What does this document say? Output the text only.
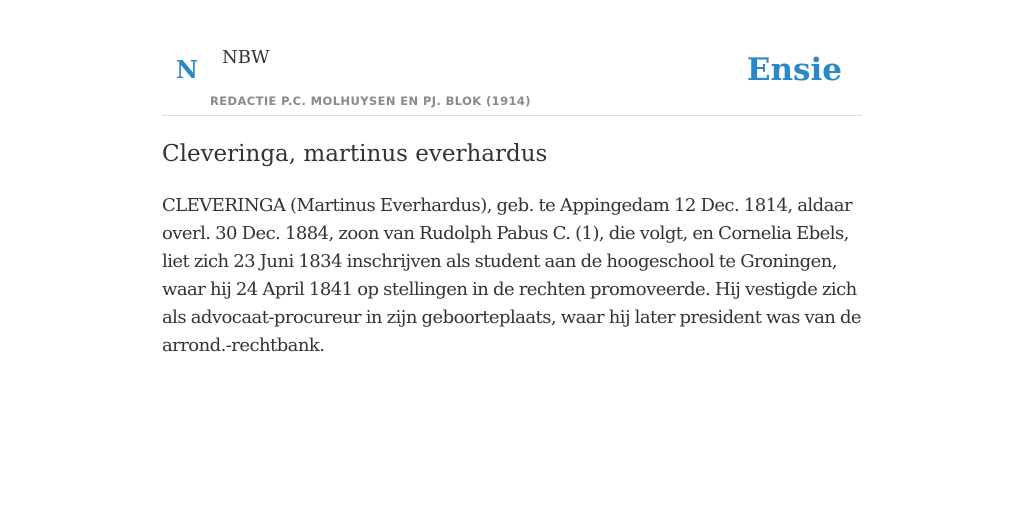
N NBW
REDACTIE P.C. MOLHUYSEN EN PJ. BLOK (1914)
Ensie
Cleveringa, martinus everhardus

CLEVERINGA (Martinus Everhardus), geb. te Appingedam 12 Dec. 1814, aldaar overl. 30 Dec. 1884, zoon van Rudolph Pabus C. (1), die volgt, en Cornelia Ebels, liet zich 23 Juni 1834 inschrijven als student aan de hoogeschool te Groningen, waar hij 24 April 1841 op stellingen in de rechten promoveerde. Hij vestigde zich als advocaat-procureur in zijn geboorteplaats, waar hij later president was van de arrond.-rechtbank.
